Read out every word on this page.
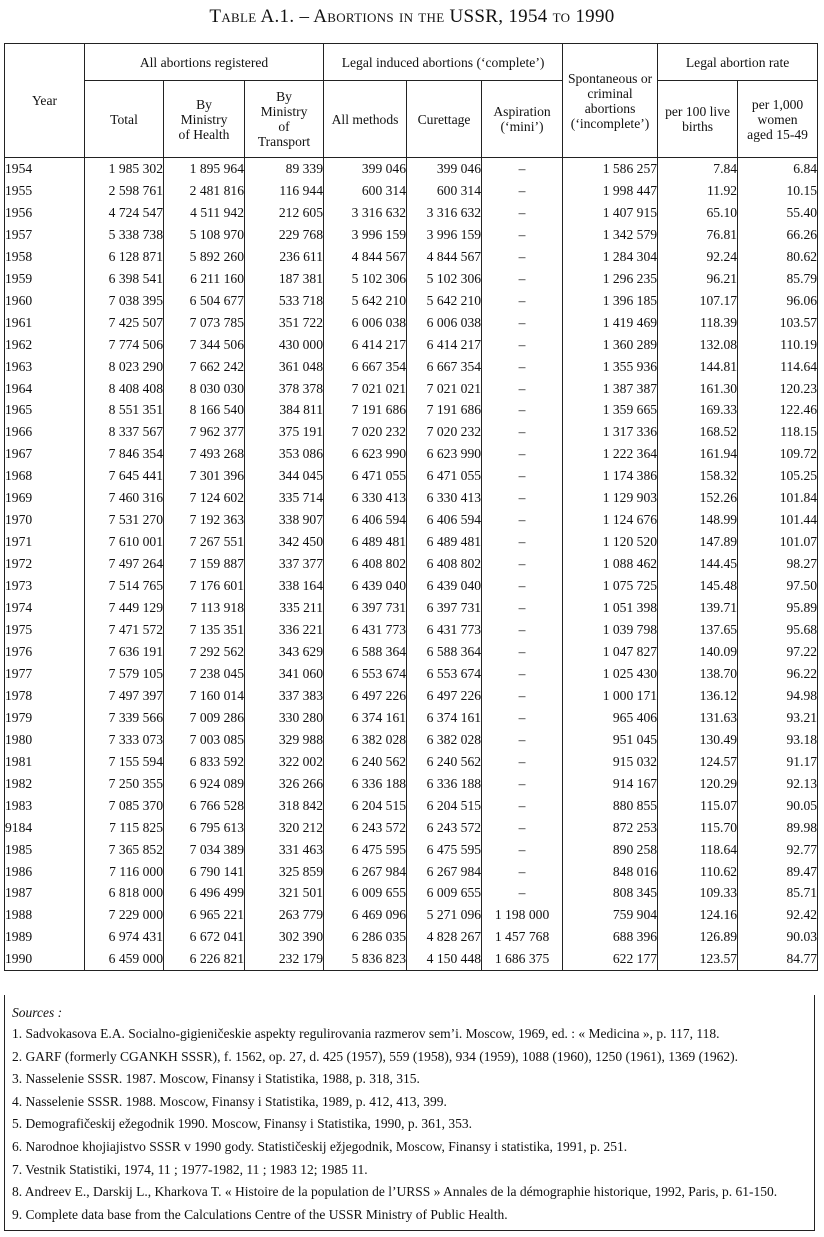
Table A.1. – Abortions in the USSR, 1954 to 1990
Year	All abortions registered			Legal induced abortions (‘complete’)			Spontaneous or criminal abortions (‘incomplete’)	Legal abortion rate	
	Total	By Ministry of Health	By Ministry of Transport	All methods	Curettage	Aspiration (‘mini’)		per 100 live births	per 1,000 women aged 15-49
1954	1 985 302	1 895 964	89 339	399 046	399 046	–	1 586 257	7.84	6.84
1955	2 598 761	2 481 816	116 944	600 314	600 314	–	1 998 447	11.92	10.15
1956	4 724 547	4 511 942	212 605	3 316 632	3 316 632	–	1 407 915	65.10	55.40
1957	5 338 738	5 108 970	229 768	3 996 159	3 996 159	–	1 342 579	76.81	66.26
1958	6 128 871	5 892 260	236 611	4 844 567	4 844 567	–	1 284 304	92.24	80.62
1959	6 398 541	6 211 160	187 381	5 102 306	5 102 306	–	1 296 235	96.21	85.79
1960	7 038 395	6 504 677	533 718	5 642 210	5 642 210	–	1 396 185	107.17	96.06
1961	7 425 507	7 073 785	351 722	6 006 038	6 006 038	–	1 419 469	118.39	103.57
1962	7 774 506	7 344 506	430 000	6 414 217	6 414 217	–	1 360 289	132.08	110.19
1963	8 023 290	7 662 242	361 048	6 667 354	6 667 354	–	1 355 936	144.81	114.64
1964	8 408 408	8 030 030	378 378	7 021 021	7 021 021	–	1 387 387	161.30	120.23
1965	8 551 351	8 166 540	384 811	7 191 686	7 191 686	–	1 359 665	169.33	122.46
1966	8 337 567	7 962 377	375 191	7 020 232	7 020 232	–	1 317 336	168.52	118.15
1967	7 846 354	7 493 268	353 086	6 623 990	6 623 990	–	1 222 364	161.94	109.72
1968	7 645 441	7 301 396	344 045	6 471 055	6 471 055	–	1 174 386	158.32	105.25
1969	7 460 316	7 124 602	335 714	6 330 413	6 330 413	–	1 129 903	152.26	101.84
1970	7 531 270	7 192 363	338 907	6 406 594	6 406 594	–	1 124 676	148.99	101.44
1971	7 610 001	7 267 551	342 450	6 489 481	6 489 481	–	1 120 520	147.89	101.07
1972	7 497 264	7 159 887	337 377	6 408 802	6 408 802	–	1 088 462	144.45	98.27
1973	7 514 765	7 176 601	338 164	6 439 040	6 439 040	–	1 075 725	145.48	97.50
1974	7 449 129	7 113 918	335 211	6 397 731	6 397 731	–	1 051 398	139.71	95.89
1975	7 471 572	7 135 351	336 221	6 431 773	6 431 773	–	1 039 798	137.65	95.68
1976	7 636 191	7 292 562	343 629	6 588 364	6 588 364	–	1 047 827	140.09	97.22
1977	7 579 105	7 238 045	341 060	6 553 674	6 553 674	–	1 025 430	138.70	96.22
1978	7 497 397	7 160 014	337 383	6 497 226	6 497 226	–	1 000 171	136.12	94.98
1979	7 339 566	7 009 286	330 280	6 374 161	6 374 161	–	965 406	131.63	93.21
1980	7 333 073	7 003 085	329 988	6 382 028	6 382 028	–	951 045	130.49	93.18
1981	7 155 594	6 833 592	322 002	6 240 562	6 240 562	–	915 032	124.57	91.17
1982	7 250 355	6 924 089	326 266	6 336 188	6 336 188	–	914 167	120.29	92.13
1983	7 085 370	6 766 528	318 842	6 204 515	6 204 515	–	880 855	115.07	90.05
9184	7 115 825	6 795 613	320 212	6 243 572	6 243 572	–	872 253	115.70	89.98
1985	7 365 852	7 034 389	331 463	6 475 595	6 475 595	–	890 258	118.64	92.77
1986	7 116 000	6 790 141	325 859	6 267 984	6 267 984	–	848 016	110.62	89.47
1987	6 818 000	6 496 499	321 501	6 009 655	6 009 655	–	808 345	109.33	85.71
1988	7 229 000	6 965 221	263 779	6 469 096	5 271 096	1 198 000	759 904	124.16	92.42
1989	6 974 431	6 672 041	302 390	6 286 035	4 828 267	1 457 768	688 396	126.89	90.03
1990	6 459 000	6 226 821	232 179	5 836 823	4 150 448	1 686 375	622 177	123.57	84.77
Sources :
1. Sadvokasova E.A. Socialno-gigieničeskie aspekty regulirovania razmerov sem’i. Moscow, 1969, ed. : « Medicina », p. 117, 118.
2. GARF (formerly CGANKH SSSR), f. 1562, op. 27, d. 425 (1957), 559 (1958), 934 (1959), 1088 (1960), 1250 (1961), 1369 (1962).
3. Nasselenie SSSR. 1987. Moscow, Finansy i Statistika, 1988, p. 318, 315.
4. Nasselenie SSSR. 1988. Moscow, Finansy i Statistika, 1989, p. 412, 413, 399.
5. Demografičeskij ežegodnik 1990. Moscow, Finansy i Statistika, 1990, p. 361, 353.
6. Narodnoe khojiajistvo SSSR v 1990 gody. Statističeskij ežjegodnik, Moscow, Finansy i statistika, 1991, p. 251.
7. Vestnik Statistiki, 1974, 11 ; 1977-1982, 11 ; 1983 12; 1985 11.
8. Andreev E., Darskij L., Kharkova T. « Histoire de la population de l’URSS » Annales de la démographie historique, 1992, Paris, p. 61-150.
9. Complete data base from the Calculations Centre of the USSR Ministry of Public Health.
